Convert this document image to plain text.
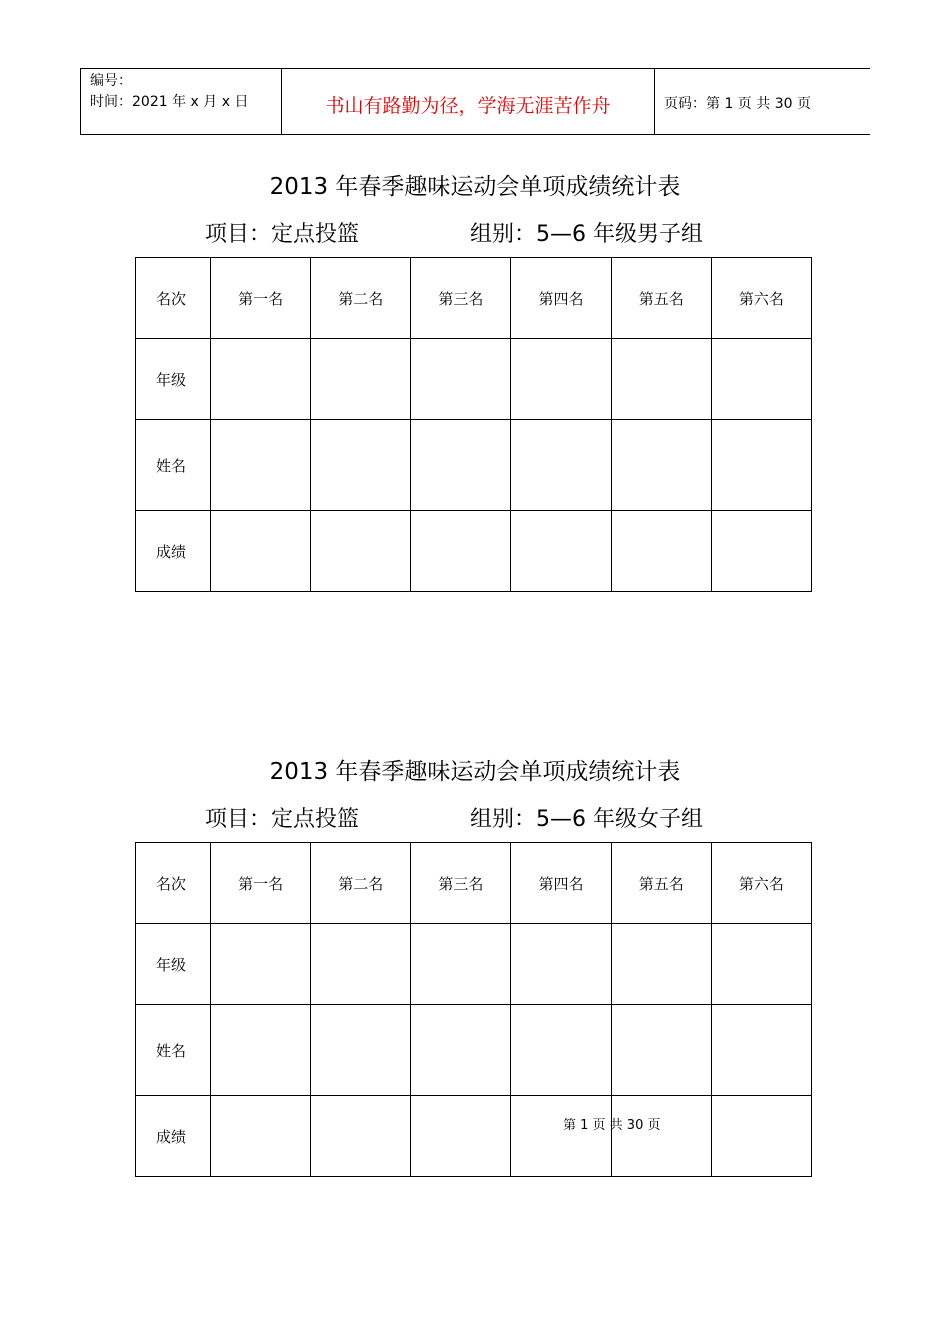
编号：
时间：2021 年 x 月 x 日	书山有路勤为径，学海无涯苦作舟	页码：第 1 页 共 30 页
2013 年春季趣味运动会单项成绩统计表
项目：定点投篮	组别：5—6 年级男子组
名次	第一名	第二名	第三名	第四名	第五名	第六名
年级						
姓名						
成绩						
2013 年春季趣味运动会单项成绩统计表
项目：定点投篮	组别：5—6 年级女子组
名次	第一名	第二名	第三名	第四名	第五名	第六名
年级						
姓名						
成绩						
第 1 页 共 30 页
